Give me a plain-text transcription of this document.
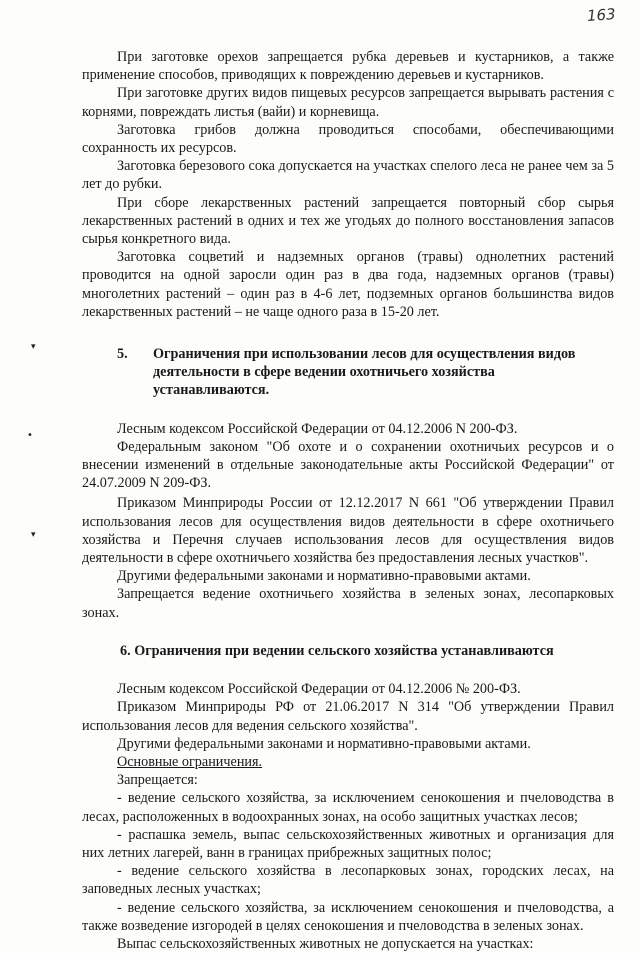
163
▾
•
▾

При заготовке орехов запрещается рубка деревьев и кустарников, а также применение способов, приводящих к повреждению деревьев и кустарников.

При заготовке других видов пищевых ресурсов запрещается вырывать растения с корнями, повреждать листья (вайи) и корневища.

Заготовка грибов должна проводиться способами, обеспечивающими сохранность их ресурсов.

Заготовка березового сока допускается на участках спелого леса не ранее чем за 5 лет до рубки.

При сборе лекарственных растений запрещается повторный сбор сырья лекарственных растений в одних и тех же угодьях до полного восстановления запасов сырья конкретного вида.

Заготовка соцветий и надземных органов (травы) однолетних растений проводится на одной заросли один раз в два года, надземных органов (травы) многолетних растений – один раз в 4-6 лет, подземных органов большинства видов лекарственных растений – не чаще одного раза в 15-20 лет.

5. Ограничения при использовании лесов для осуществления видов
деятельности в сфере ведении охотничьего хозяйства устанавливаются.

Лесным кодексом Российской Федерации от 04.12.2006 N 200-ФЗ.

Федеральным законом "Об охоте и о сохранении охотничьих ресурсов и о внесении изменений в отдельные законодательные акты Российской Федерации" от 24.07.2009 N 209-ФЗ.

Приказом Минприроды России от 12.12.2017 N 661 "Об утверждении Правил использования лесов для осуществления видов деятельности в сфере охотничьего хозяйства и Перечня случаев использования лесов для осуществления видов деятельности в сфере охотничьего хозяйства без предоставления лесных участков".

Другими федеральными законами и нормативно-правовыми актами.

Запрещается ведение охотничьего хозяйства в зеленых зонах, лесопарковых зонах.

6. Ограничения при ведении сельского хозяйства устанавливаются

Лесным кодексом Российской Федерации от 04.12.2006 № 200-ФЗ.

Приказом Минприроды РФ от 21.06.2017 N 314 "Об утверждении Правил использования лесов для ведения сельского хозяйства".

Другими федеральными законами и нормативно-правовыми актами.

Основные ограничения.

Запрещается:

- ведение сельского хозяйства, за исключением сенокошения и пчеловодства в лесах, расположенных в водоохранных зонах, на особо защитных участках лесов;

- распашка земель, выпас сельскохозяйственных животных и организация для них летних лагерей, ванн в границах прибрежных защитных полос;

- ведение сельского хозяйства в лесопарковых зонах, городских лесах, на заповедных лесных участках;

- ведение сельского хозяйства, за исключением сенокошения и пчеловодства, а также возведение изгородей в целях сенокошения и пчеловодства в зеленых зонах.

Выпас сельскохозяйственных животных не допускается на участках:
